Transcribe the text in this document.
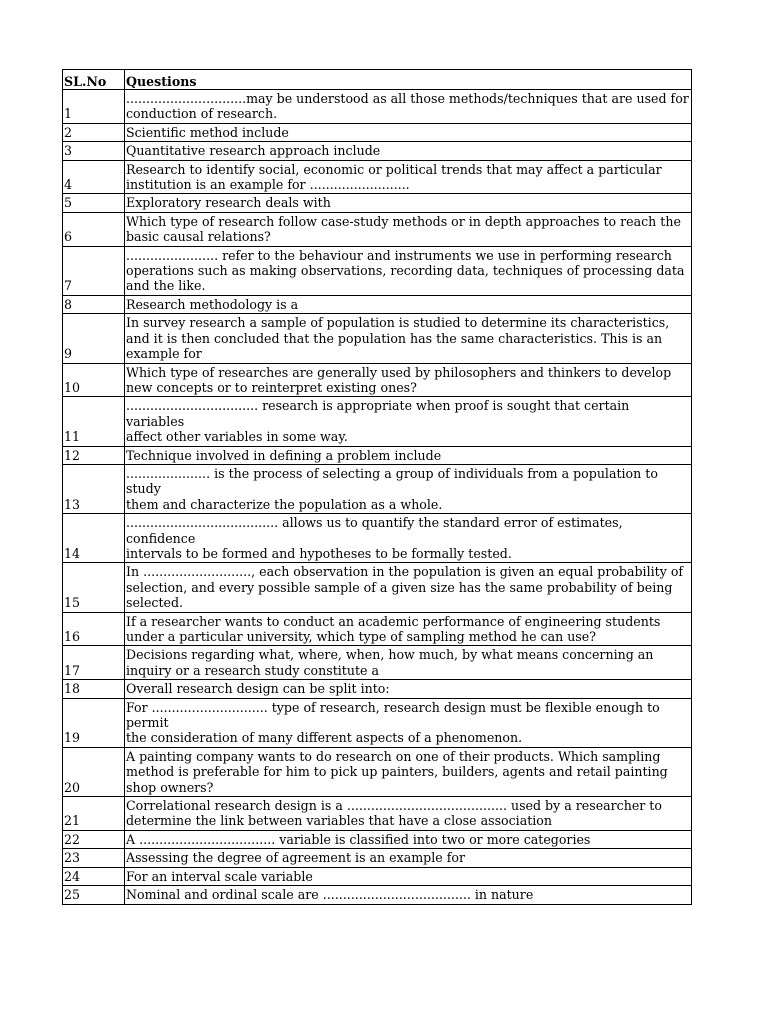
SL.No	Questions
1	..............................may be understood as all those methods/techniques that are used for
conduction of research.
2	Scientific method include
3	Quantitative research approach include
4	Research to identify social, economic or political trends that may affect a particular
institution is an example for .........................
5	Exploratory research deals with
6	Which type of research follow case-study methods or in depth approaches to reach the
basic causal relations?
7	....................... refer to the behaviour and instruments we use in performing research
operations such as making observations, recording data, techniques of processing data
and the like.
8	Research methodology is a
9	In survey research a sample of population is studied to determine its characteristics,
and it is then concluded that the population has the same characteristics. This is an
example for
10	Which type of researches are generally used by philosophers and thinkers to develop
new concepts or to reinterpret existing ones?
11	................................. research is appropriate when proof is sought that certain variables
affect other variables in some way.
12	Technique involved in defining a problem include
13	..................... is the process of selecting a group of individuals from a population to study
them and characterize the population as a whole.
14	...................................... allows us to quantify the standard error of estimates, confidence
intervals to be formed and hypotheses to be formally tested.
15	In ..........................., each observation in the population is given an equal probability of
selection, and every possible sample of a given size has the same probability of being
selected.
16	If a researcher wants to conduct an academic performance of engineering students
under a particular university, which type of sampling method he can use?
17	Decisions regarding what, where, when, how much, by what means concerning an
inquiry or a research study constitute a
18	Overall research design can be split into:
19	For ............................. type of research, research design must be flexible enough to permit
the consideration of many different aspects of a phenomenon.
20	A painting company wants to do research on one of their products. Which sampling
method is preferable for him to pick up painters, builders, agents and retail painting
shop owners?
21	Correlational research design is a ........................................ used by a researcher to
determine the link between variables that have a close association
22	A .................................. variable is classified into two or more categories
23	Assessing the degree of agreement is an example for
24	For an interval scale variable
25	Nominal and ordinal scale are ..................................... in nature
